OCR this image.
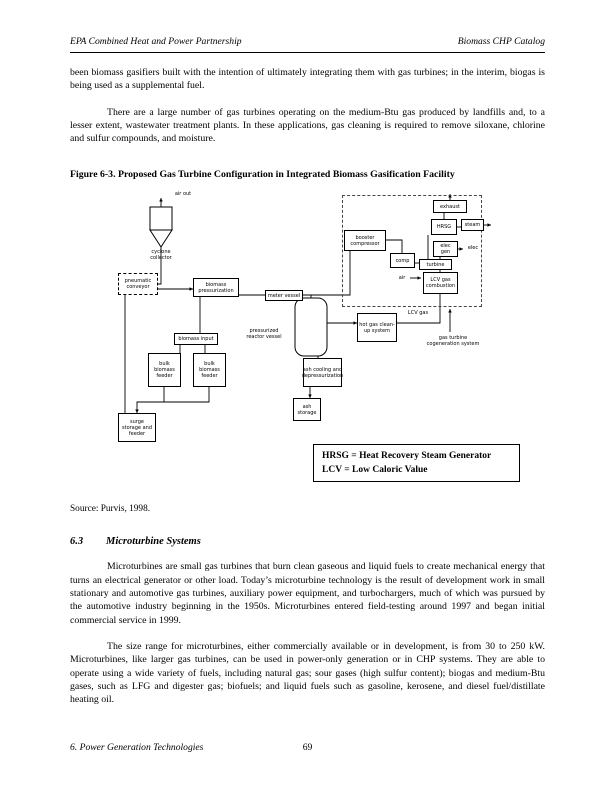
EPA Combined Heat and Power Partnership	Biomass CHP Catalog

been biomass gasifiers built with the intention of ultimately integrating them with gas turbines; in the interim, biogas is being used as a supplemental fuel.

There are a large number of gas turbines operating on the medium-Btu gas produced by landfills and, to a lesser extent, wastewater treatment plants. In these applications, gas cleaning is required to remove siloxane, chlorine and sulfur compounds, and moisture.

Figure 6-3. Proposed Gas Turbine Configuration in Integrated Biomass Gasification Facility
air out
cyclone collector
elec
air
LCV gas
gas turbine cogeneration system
pressurized reactor vessel
pneumatic conveyor	biomass pressurization
meter vessel
booster compressor
comp
exhaust
HRSG	steam
elec gen
turbine
LCV gas combustion
hot gas clean-up system
biomass input
bulk biomass feeder
bulk biomass feeder
ash cooling and depressurization
ash storage
surge storage and feeder
HRSG = Heat Recovery Steam Generator
LCV = Low Caloric Value

Source: Purvis, 1998.

6.3 Microturbine Systems

Microturbines are small gas turbines that burn clean gaseous and liquid fuels to create mechanical energy that turns an electrical generator or other load. Today’s microturbine technology is the result of development work in small stationary and automotive gas turbines, auxiliary power equipment, and turbochargers, much of which was pursued by the automotive industry beginning in the 1950s. Microturbines entered field-testing around 1997 and began initial commercial service in 1999.

The size range for microturbines, either commercially available or in development, is from 30 to 250 kW. Microturbines, like larger gas turbines, can be used in power-only generation or in CHP systems. They are able to operate using a wide variety of fuels, including natural gas; sour gases (high sulfur content); biogas and medium-Btu gases, such as LFG and digester gas; biofuels; and liquid fuels such as gasoline, kerosene, and diesel fuel/distillate heating oil.

6. Power Generation Technologies	69
